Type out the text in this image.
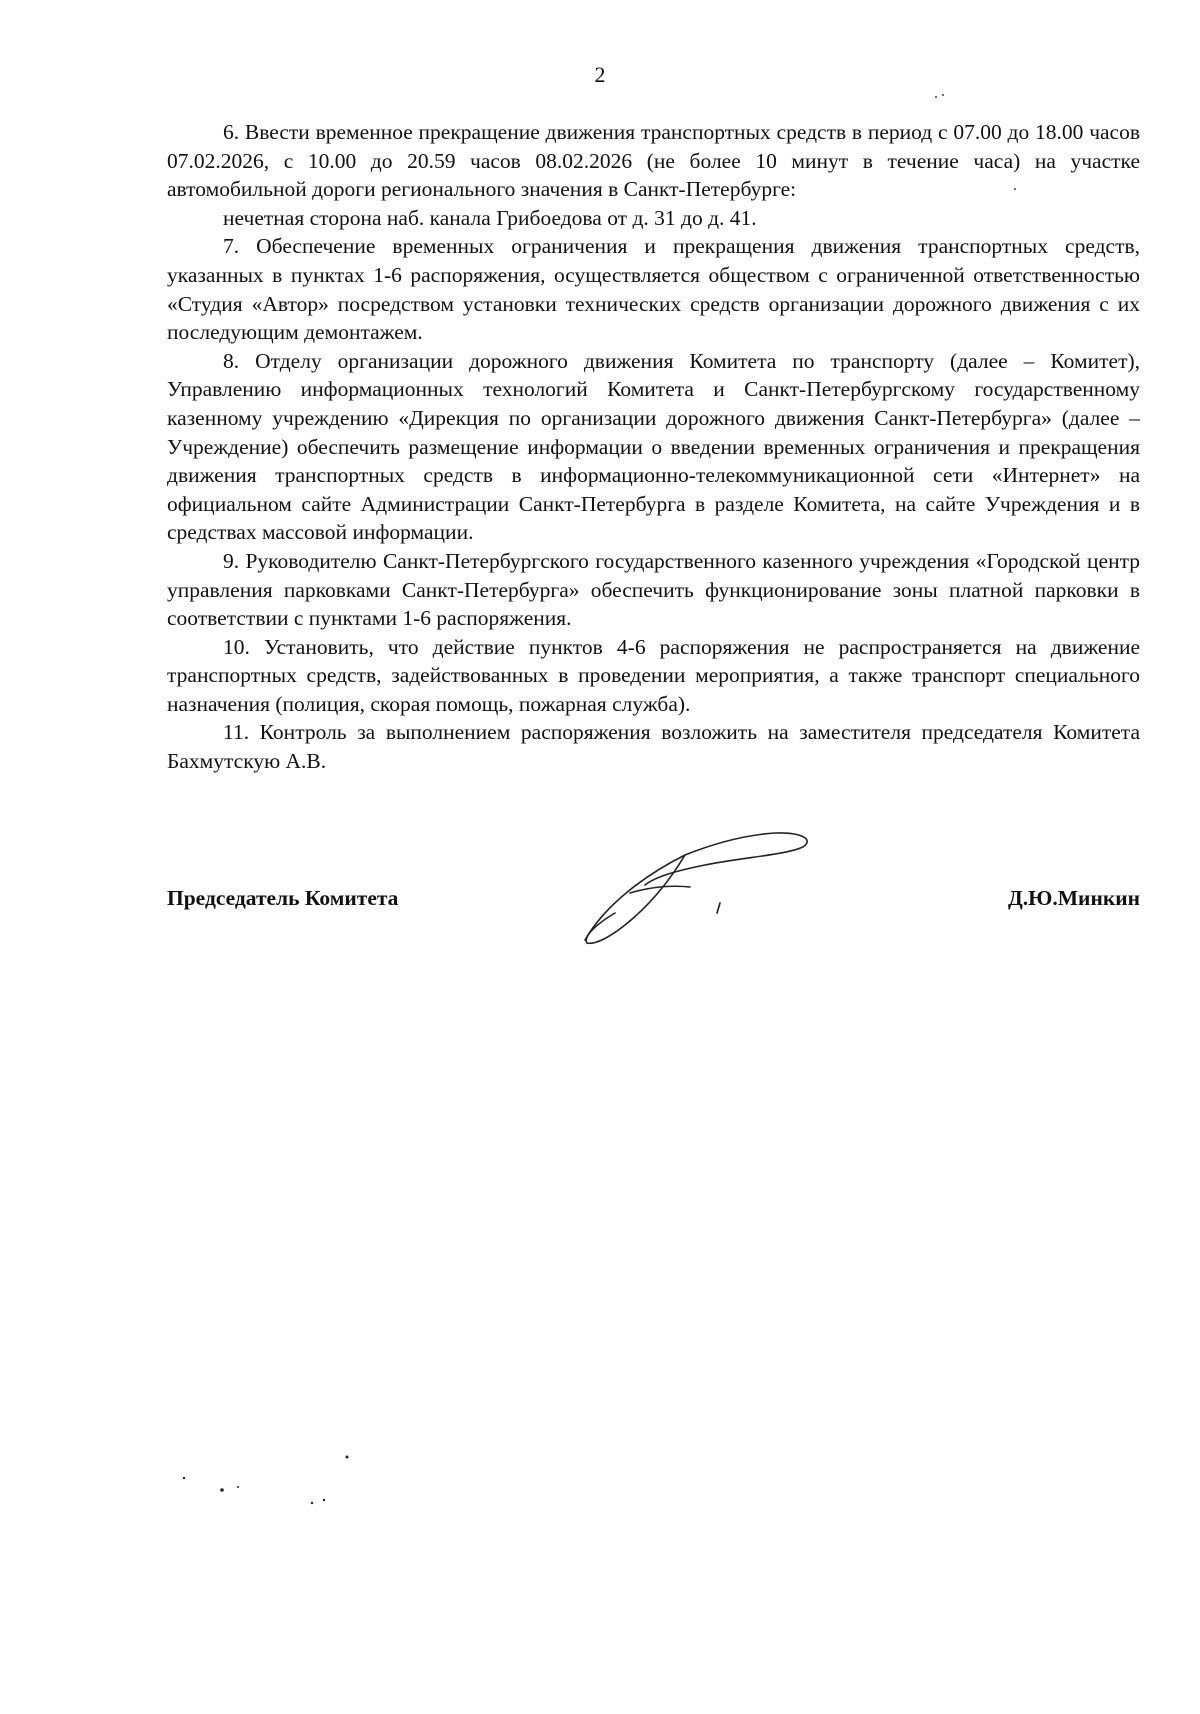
2

6. Ввести временное прекращение движения транспортных средств в период с 07.00 до 18.00 часов 07.02.2026, с 10.00 до 20.59 часов 08.02.2026 (не более 10 минут в течение часа) на участке автомобильной дороги регионального значения в Санкт-Петербурге:

нечетная сторона наб. канала Грибоедова от д. 31 до д. 41.

7. Обеспечение временных ограничения и прекращения движения транспортных средств, указанных в пунктах 1-6 распоряжения, осуществляется обществом с ограниченной ответственностью «Студия «Автор» посредством установки технических средств организации дорожного движения с их последующим демонтажем.

8. Отделу организации дорожного движения Комитета по транспорту (далее – Комитет), Управлению информационных технологий Комитета и Санкт-Петербургскому государственному казенному учреждению «Дирекция по организации дорожного движения Санкт-Петербурга» (далее – Учреждение) обеспечить размещение информации о введении временных ограничения и прекращения движения транспортных средств в информационно-телекоммуникационной сети «Интернет» на официальном сайте Администрации Санкт-Петербурга в разделе Комитета, на сайте Учреждения и в средствах массовой информации.

9. Руководителю Санкт-Петербургского государственного казенного учреждения «Городской центр управления парковками Санкт-Петербурга» обеспечить функционирование зоны платной парковки в соответствии с пунктами 1-6 распоряжения.

10. Установить, что действие пунктов 4-6 распоряжения не распространяется на движение транспортных средств, задействованных в проведении мероприятия, а также транспорт специального назначения (полиция, скорая помощь, пожарная служба).

11. Контроль за выполнением распоряжения возложить на заместителя председателя Комитета Бахмутскую А.В.

Председатель Комитета	Д.Ю.Минкин
